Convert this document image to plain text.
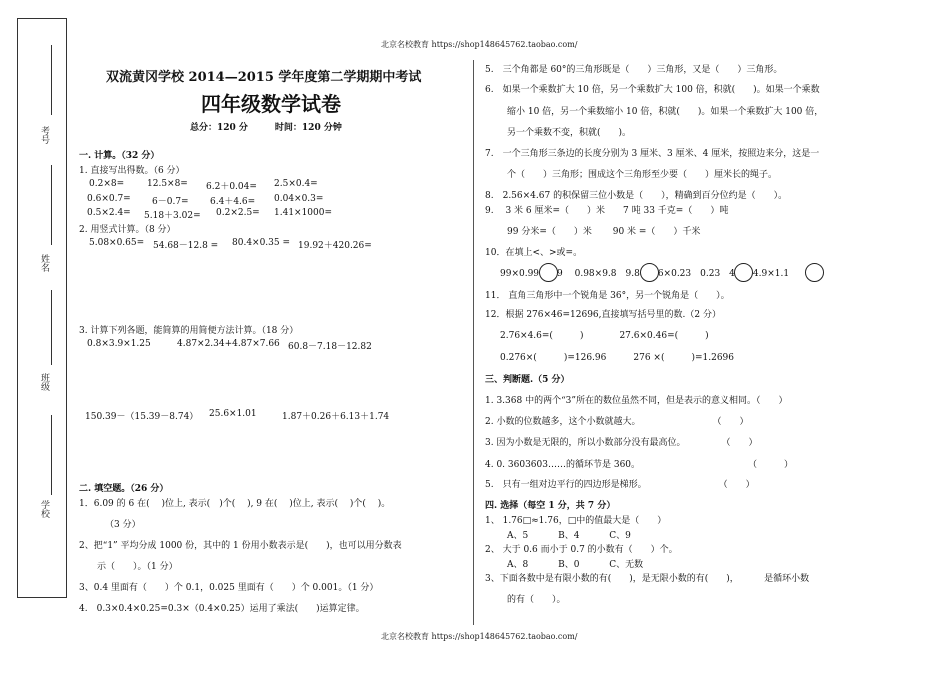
考号
姓名
班级
学校
北京名校教育 https://shop148645762.taobao.com/
北京名校教育 https://shop148645762.taobao.com/
双流黄冈学校 2014—2015 学年度第二学期期中考试
四年级数学试卷
总分：120 分　　　时间：120 分钟
一. 计算。（32 分）
1. 直接写出得数。（6 分）
0.2×8=	12.5×8= 6.2＋0.04= 2.5×0.4=
0.6×0.7= 6－0.7= 6.4＋4.6= 0.04×0.3=
0.5×2.4= 5.18＋3.02= 0.2×2.5= 1.41×1000=
2. 用竖式计算。（8 分）
5.08×0.65= 54.68－12.8 = 80.4×0.35 = 19.92＋420.26=
3. 计算下列各题，能简算的用简便方法计算。（18 分）
0.8×3.9×1.25	4.87×2.34+4.87×7.66 60.8－7.18－12.82
150.39－（15.39－8.74） 25.6×1.01	1.87＋0.26＋6.13＋1.74
二. 填空题。（26 分）
1．6.09 的 6 在(　 )位上, 表示(　)个(　 ), 9 在(　 )位上, 表示(　 )个(　 )。
（3 分）
2、把“1” 平均分成 1000 份，其中的 1 份用小数表示是(　　)，也可以用分数表
示（　　）。（1 分）
3、0.4 里面有（　　）个 0.1，0.025 里面有（　　）个 0.001。（1 分）
4.　0.3×0.4×0.25=0.3×（0.4×0.25）运用了乘法(　　)运算定律。
5.　三个角都是 60°的三角形既是（　　）三角形，又是（　　）三角形。
6.　如果一个乘数扩大 10 倍，另一个乘数扩大 100 倍，积就(　　)。如果一个乘数
缩小 10 倍，另一个乘数缩小 10 倍，积就(　　)。如果一个乘数扩大 100 倍，
另一个乘数不变，积就(　　)。
7.　一个三角形三条边的长度分别为 3 厘米、3 厘米、4 厘米，按照边来分，这是一
个（　　）三角形；围成这个三角形至少要（　　）厘米长的绳子。
8.　2.56×4.67 的积保留三位小数是（　　），精确到百分位约是（　　）。
9.　 3 米 6 厘米=（　　）米　　7 吨 33 千克=（　　）吨
99 分米=（　　）米　　 90 米 =（　　）千米
10．在填上<、>或=。
99×0.99　　9　 0.98×9.8　9.8　　6×0.23　0.23　4　　4.9×1.1
11． 直角三角形中一个锐角是 36°，另一个锐角是（　　）。
12．根据 276×46=12696,直接填写括号里的数.（2 分）
2.76×4.6=(　　　)　　　　27.6×0.46=(　　　)
0.276×(　　　)=126.96　　　276 ×(　　　)=1.2696
三、判断题.（5 分）
1. 3.368 中的两个“3”所在的数位虽然不同，但是表示的意义相同。（　　）
2. 小数的位数越多，这个小数就越大。　　　　　　　　　（　　）
3. 因为小数是无限的，所以小数部分没有最高位。　　　　　（　　）
4. 0. 3603603……的循环节是 360。　　　　　　　　　　　　　（　　　）
5.　只有一组对边平行的四边形是梯形。　　　　　　　　　（　　）
四. 选择（每空 1 分，共 7 分）
1、 1.76□≈1.76，□中的值最大是（　　）
A、5　　　 B、4　　　 C、9
2、 大于 0.6 而小于 0.7 的小数有（　　）个。
A、8　　　 B、0　　　 C、无数
3、下面各数中是有限小数的有(　　)，是无限小数的有(　　)，　　　 是循环小数
的有（　　）。
